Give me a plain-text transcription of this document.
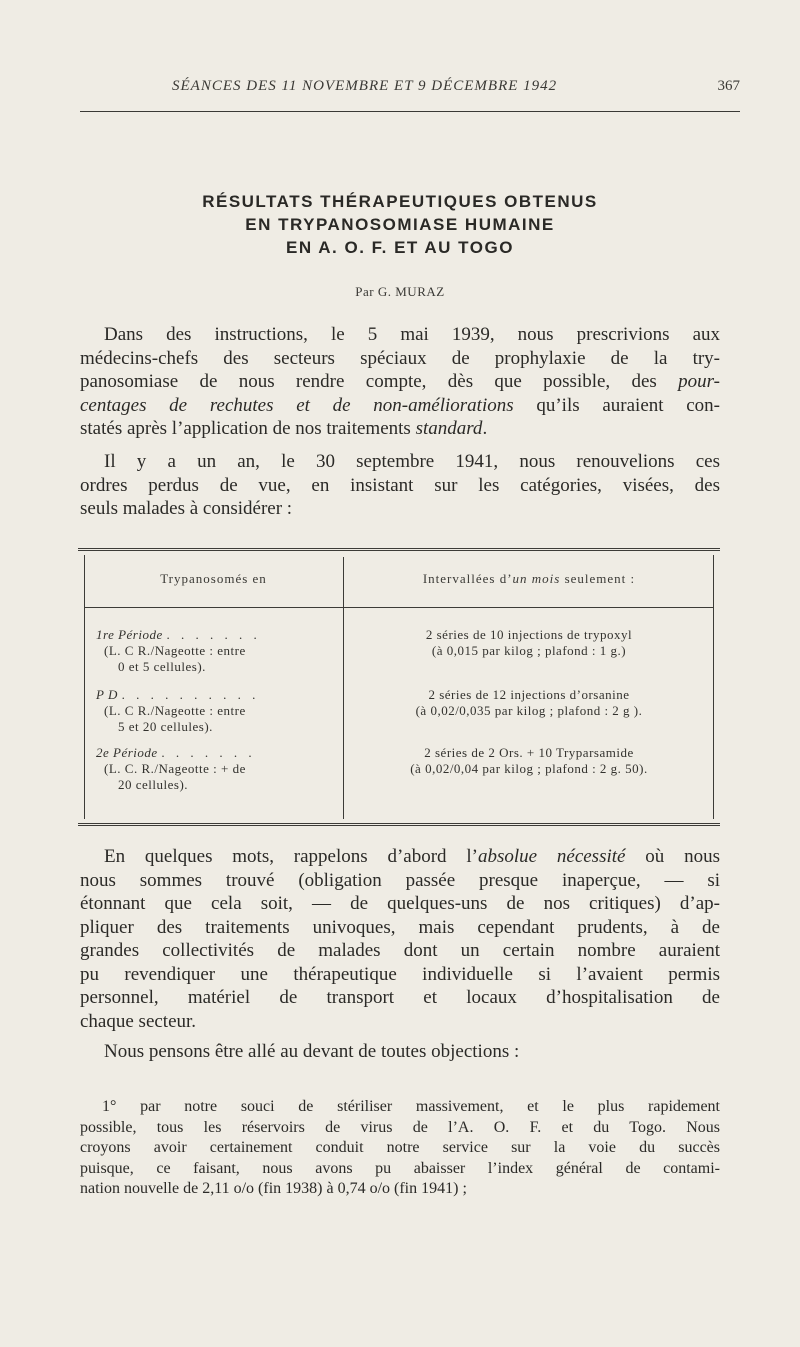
SÉANCES DES 11 NOVEMBRE ET 9 DÉCEMBRE 1942	367
RÉSULTATS THÉRAPEUTIQUES OBTENUS
EN TRYPANOSOMIASE HUMAINE
EN A. O. F. ET AU TOGO
Par G. MURAZ
Dans des instructions, le 5 mai 1939, nous prescrivions aux
médecins-chefs des secteurs spéciaux de prophylaxie de la try-
panosomiase de nous rendre compte, dès que possible, des pour-
centages de rechutes et de non-améliorations qu’ils auraient con-
statés après l’application de nos traitements standard.
Il y a un an, le 30 septembre 1941, nous renouvelions ces
ordres perdus de vue, en insistant sur les catégories, visées, des
seuls malades à considérer :
Trypanosomés en	Intervallées d’un mois seulement :
1re Période . . . . . . .
(L. C R./Nageotte : entre
0 et 5 cellules).
2 séries de 10 injections de trypoxyl
(à 0,015 par kilog ; plafond : 1 g.)
P D . . . . . . . . . .
(L. C R./Nageotte : entre
5 et 20 cellules).
2 séries de 12 injections d’orsanine
(à 0,02/0,035 par kilog ; plafond : 2 g ).
2e Période . . . . . . .
(L. C. R./Nageotte : + de
20 cellules).
2 séries de 2 Ors. + 10 Tryparsamide
(à 0,02/0,04 par kilog ; plafond : 2 g. 50).
En quelques mots, rappelons d’abord l’absolue nécessité où nous
nous sommes trouvé (obligation passée presque inaperçue, — si
étonnant que cela soit, — de quelques-uns de nos critiques) d’ap-
pliquer des traitements univoques, mais cependant prudents, à de
grandes collectivités de malades dont un certain nombre auraient
pu revendiquer une thérapeutique individuelle si l’avaient permis
personnel, matériel de transport et locaux d’hospitalisation de
chaque secteur.
Nous pensons être allé au devant de toutes objections :
1° par notre souci de stériliser massivement, et le plus rapidement
possible, tous les réservoirs de virus de l’A. O. F. et du Togo. Nous
croyons avoir certainement conduit notre service sur la voie du succès
puisque, ce faisant, nous avons pu abaisser l’index général de contami-
nation nouvelle de 2,11 o/o (fin 1938) à 0,74 o/o (fin 1941) ;
